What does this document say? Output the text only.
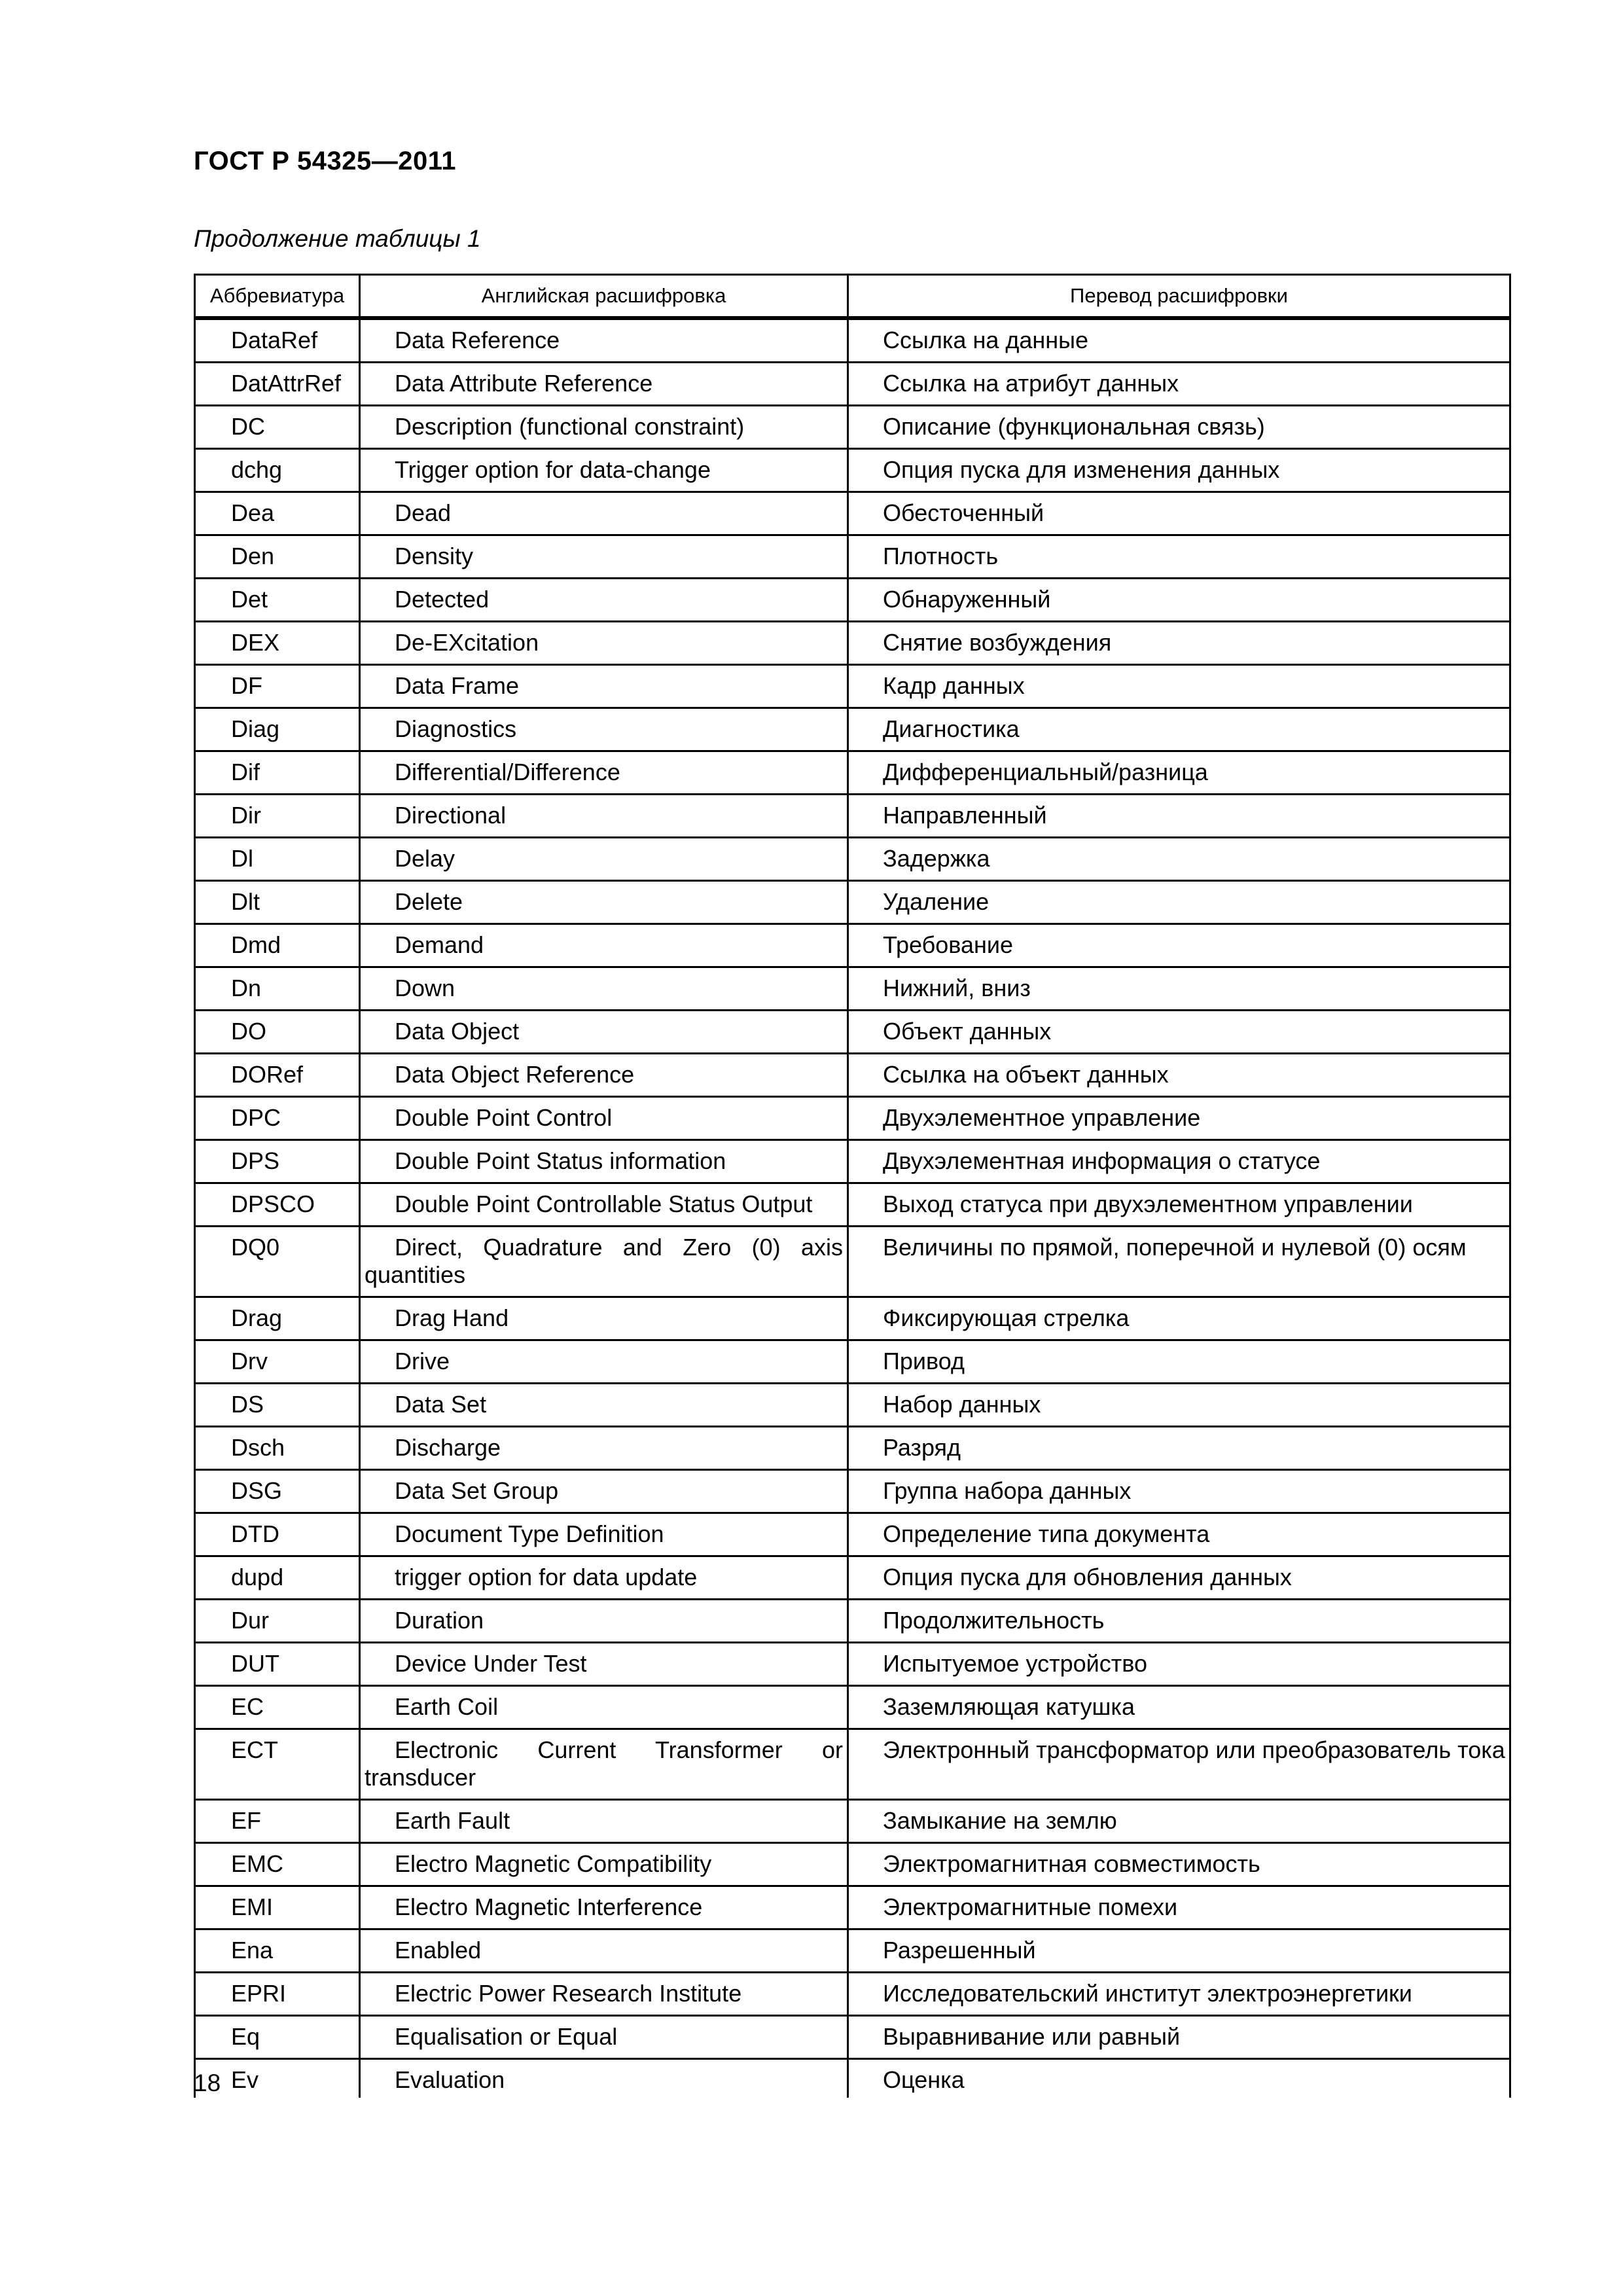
ГОСТ Р 54325—2011
Продолжение таблицы 1
Аббревиатура	Английская расшифровка	Перевод расшифровки
DataRef	Data Reference	Ссылка на данные
DatAttrRef	Data Attribute Reference	Ссылка на атрибут данных
DC	Description (functional constraint)	Описание (функциональная связь)
dchg	Trigger option for data-change	Опция пуска для изменения данных
Dea	Dead	Обесточенный
Den	Density	Плотность
Det	Detected	Обнаруженный
DEX	De-EXcitation	Снятие возбуждения
DF	Data Frame	Кадр данных
Diag	Diagnostics	Диагностика
Dif	Differential/Difference	Дифференциальный/разница
Dir	Directional	Направленный
Dl	Delay	Задержка
Dlt	Delete	Удаление
Dmd	Demand	Требование
Dn	Down	Нижний, вниз
DO	Data Object	Объект данных
DORef	Data Object Reference	Ссылка на объект данных
DPC	Double Point Control	Двухэлементное управление
DPS	Double Point Status information	Двухэлементная информация о статусе
DPSCO	Double Point Controllable Status Output	Выход статуса при двухэлементном управлении
DQ0	Direct, Quadrature and Zero (0) axis quantities	Величины по прямой, поперечной и нулевой (0) осям
Drag	Drag Hand	Фиксирующая стрелка
Drv	Drive	Привод
DS	Data Set	Набор данных
Dsch	Discharge	Разряд
DSG	Data Set Group	Группа набора данных
DTD	Document Type Definition	Определение типа документа
dupd	trigger option for data update	Опция пуска для обновления данных
Dur	Duration	Продолжительность
DUT	Device Under Test	Испытуемое устройство
EC	Earth Coil	Заземляющая катушка
ECT	Electronic Current Transformer or transducer	Электронный трансформатор или преобразователь тока
EF	Earth Fault	Замыкание на землю
EMC	Electro Magnetic Compatibility	Электромагнитная совместимость
EMI	Electro Magnetic Interference	Электромагнитные помехи
Ena	Enabled	Разрешенный
EPRI	Electric Power Research Institute	Исследовательский институт электроэнергетики
Eq	Equalisation or Equal	Выравнивание или равный
Ev	Evaluation	Оценка
18
